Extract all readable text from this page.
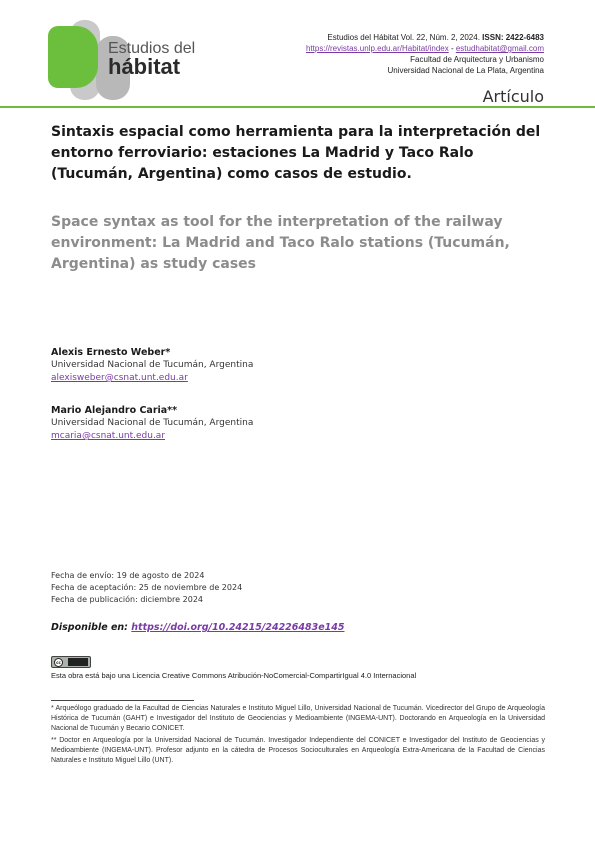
Estudios del
hábitat
Estudios del Hábitat Vol. 22, Núm. 2, 2024. ISSN: 2422-6483
https://revistas.unlp.edu.ar/Habitat/index - estudhabitat@gmail.com
Facultad de Arquitectura y Urbanismo
Universidad Nacional de La Plata, Argentina
Artículo
Sintaxis espacial como herramienta para la interpretación del entorno ferroviario: estaciones La Madrid y Taco Ralo (Tucumán, Argentina) como casos de estudio.
Space syntax as tool for the interpretation of the railway environment: La Madrid and Taco Ralo stations (Tucumán, Argentina) as study cases
Alexis Ernesto Weber*
Universidad Nacional de Tucumán, Argentina
alexisweber@csnat.unt.edu.ar
Mario Alejandro Caria**
Universidad Nacional de Tucumán, Argentina
mcaria@csnat.unt.edu.ar
Fecha de envío: 19 de agosto de 2024
Fecha de aceptación: 25 de noviembre de 2024
Fecha de publicación: diciembre 2024
Disponible en: https://doi.org/10.24215/24226483e145
cc
Esta obra está bajo una Licencia Creative Commons Atribución-NoComercial-CompartirIgual 4.0 Internacional

* Arqueólogo graduado de la Facultad de Ciencias Naturales e Instituto Miguel Lillo, Universidad Nacional de Tucumán. Vicedirector del Grupo de Arqueología Histórica de Tucumán (GAHT) e Investigador del Instituto de Geociencias y Medioambiente (INGEMA-UNT). Doctorando en Arqueología en la Universidad Nacional de Tucumán y Becario CONICET.

** Doctor en Arqueología por la Universidad Nacional de Tucumán. Investigador Independiente del CONICET e Investigador del Instituto de Geociencias y Medioambiente (INGEMA-UNT). Profesor adjunto en la cátedra de Procesos Socioculturales en Arqueología Extra-Americana de la Facultad de Ciencias Naturales e Instituto Miguel Lillo (UNT).
